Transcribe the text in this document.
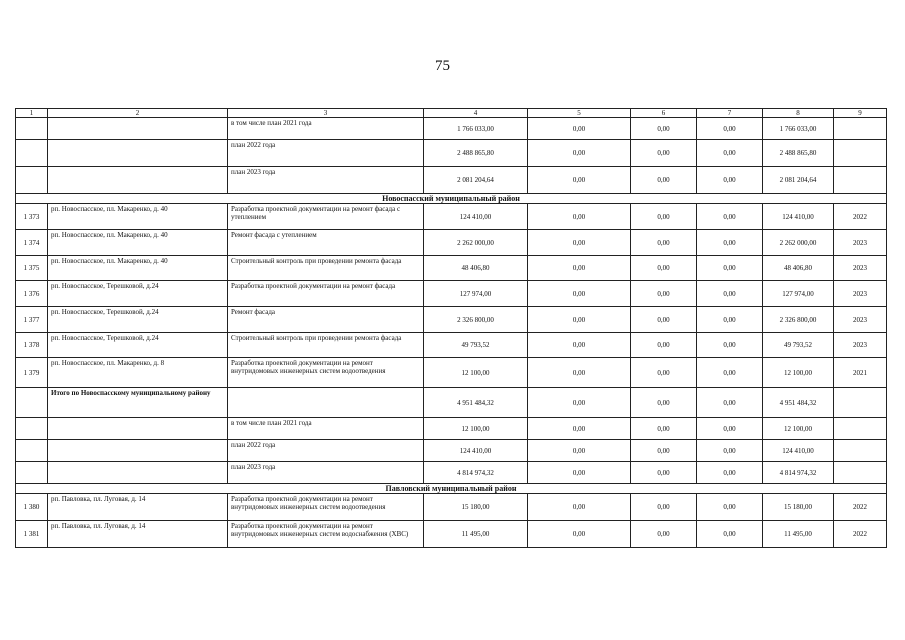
75
1	2	3	4	5	6	7	8	9
		в том числе план 2021 года	1 766 033,00	0,00	0,00	0,00	1 766 033,00	
		план 2022 года	2 488 865,80	0,00	0,00	0,00	2 488 865,80	
		план 2023 года	2 081 204,64	0,00	0,00	0,00	2 081 204,64	
Новоспасский муниципальный район								
1 373	рп. Новоспасское, пл. Макаренко, д. 40	Разработка проектной документации на ремонт фасада с утеплением	124 410,00	0,00	0,00	0,00	124 410,00	2022
1 374	рп. Новоспасское, пл. Макаренко, д. 40	Ремонт фасада с утеплением	2 262 000,00	0,00	0,00	0,00	2 262 000,00	2023
1 375	рп. Новоспасское, пл. Макаренко, д. 40	Строительный контроль при проведении ремонта фасада	48 406,80	0,00	0,00	0,00	48 406,80	2023
1 376	рп. Новоспасское, Терешковой, д.24	Разработка проектной документации на ремонт фасада	127 974,00	0,00	0,00	0,00	127 974,00	2023
1 377	рп. Новоспасское, Терешковой, д.24	Ремонт фасада	2 326 800,00	0,00	0,00	0,00	2 326 800,00	2023
1 378	рп. Новоспасское, Терешковой, д.24	Строительный контроль при проведении ремонта фасада	49 793,52	0,00	0,00	0,00	49 793,52	2023
1 379	рп. Новоспасское, пл. Макаренко, д. 8	Разработка проектной документации на ремонт внутридомовых инженерных систем водоотведения	12 100,00	0,00	0,00	0,00	12 100,00	2021
	Итого по Новоспасскому муниципальному району		4 951 484,32	0,00	0,00	0,00	4 951 484,32	
		в том числе план 2021 года	12 100,00	0,00	0,00	0,00	12 100,00	
		план 2022 года	124 410,00	0,00	0,00	0,00	124 410,00	
		план 2023 года	4 814 974,32	0,00	0,00	0,00	4 814 974,32	
Павловский муниципальный район								
1 380	рп. Павловка, пл. Луговая, д. 14	Разработка проектной документации на ремонт внутридомовых инженерных систем водоотведения	15 180,00	0,00	0,00	0,00	15 180,00	2022
1 381	рп. Павловка, пл. Луговая, д. 14	Разработка проектной документации на ремонт внутридомовых инженерных систем водоснабжения (ХВС)	11 495,00	0,00	0,00	0,00	11 495,00	2022
